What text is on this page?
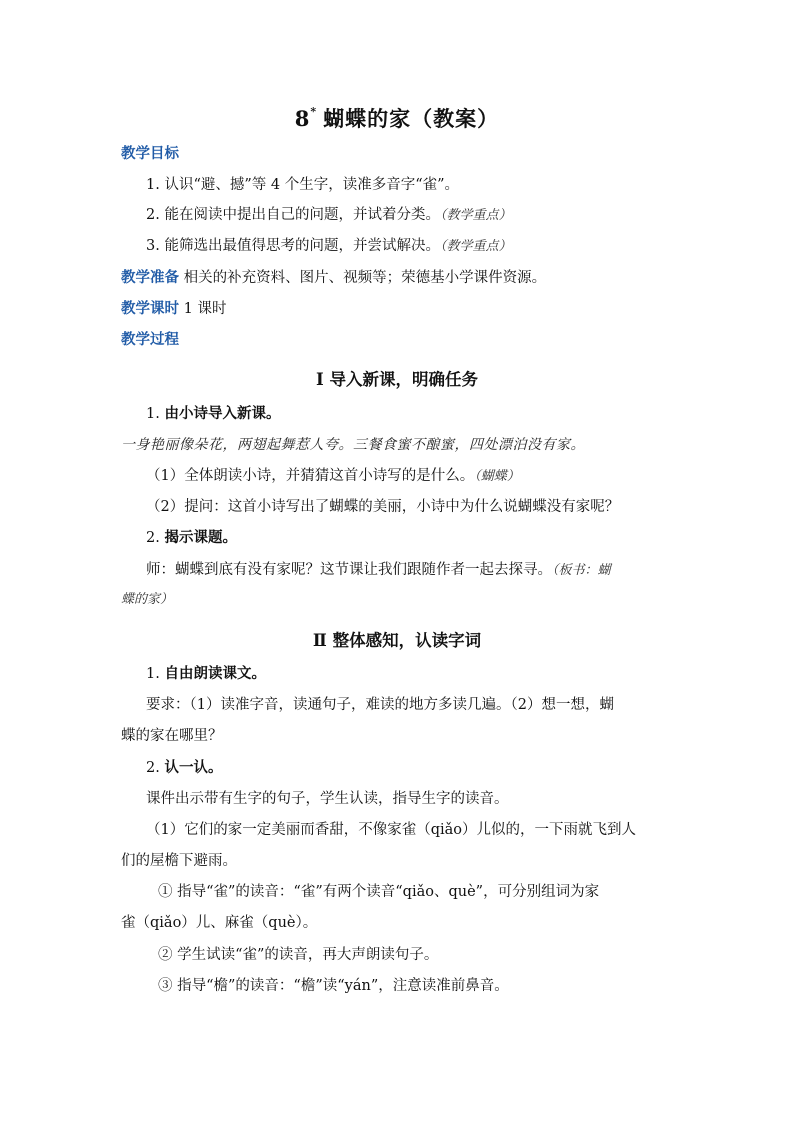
8* 蝴蝶的家（教案）
教学目标
1. 认识“避、撼”等 4 个生字，读准多音字“雀”。
2. 能在阅读中提出自己的问题，并试着分类。（教学重点）
3. 能筛选出最值得思考的问题，并尝试解决。（教学重点）
教学准备 相关的补充资料、图片、视频等；荣德基小学课件资源。
教学课时 1 课时
教学过程
Ⅰ 导入新课，明确任务
1. 由小诗导入新课。
一身艳丽像朵花，两翅起舞惹人夸。三餐食蜜不酿蜜，四处漂泊没有家。
（1）全体朗读小诗，并猜猜这首小诗写的是什么。（蝴蝶）
（2）提问：这首小诗写出了蝴蝶的美丽，小诗中为什么说蝴蝶没有家呢？
2. 揭示课题。
师：蝴蝶到底有没有家呢？这节课让我们跟随作者一起去探寻。（板书：蝴
蝶的家）
Ⅱ 整体感知，认读字词
1. 自由朗读课文。
要求：（1）读准字音，读通句子，难读的地方多读几遍。（2）想一想，蝴
蝶的家在哪里？
2. 认一认。
课件出示带有生字的句子，学生认读，指导生字的读音。
（1）它们的家一定美丽而香甜，不像家雀（qiǎo）儿似的，一下雨就飞到人
们的屋檐下避雨。
① 指导“雀”的读音：“雀”有两个读音“qiǎo、què”，可分别组词为家
雀（qiǎo）儿、麻雀（què）。
② 学生试读“雀”的读音，再大声朗读句子。
③ 指导“檐”的读音：“檐”读“yán”，注意读准前鼻音。
